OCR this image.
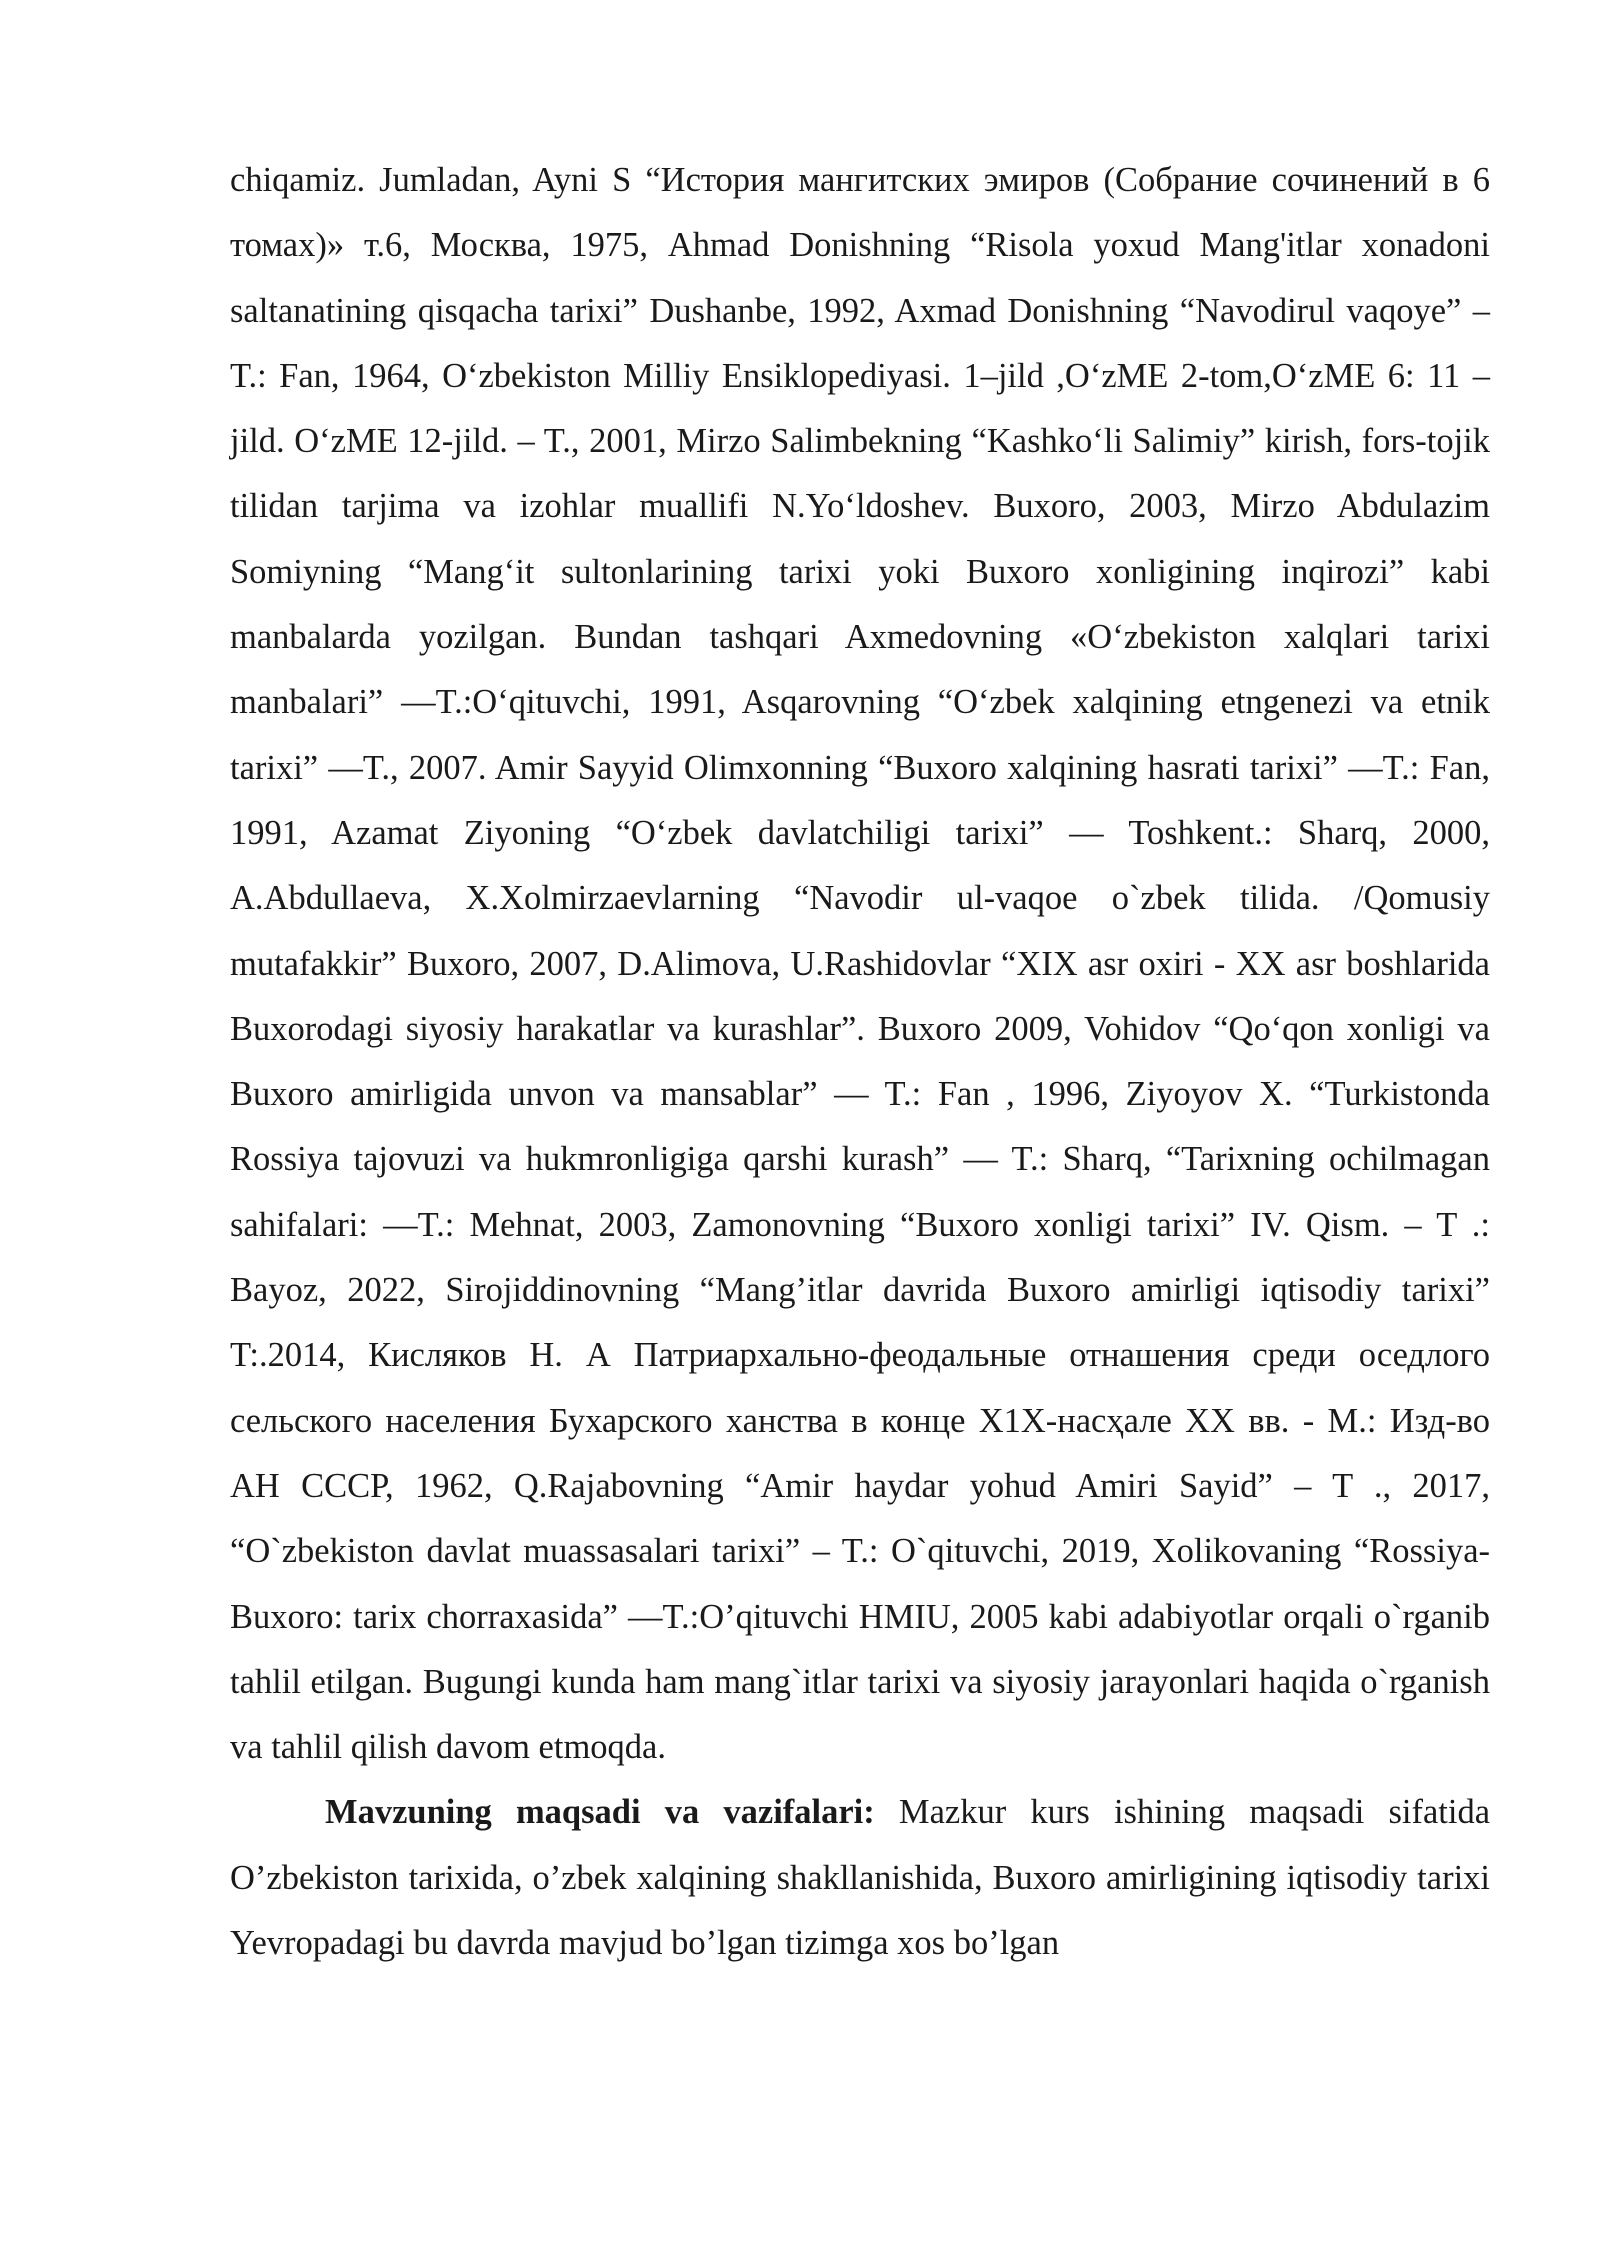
chiqamiz. Jumladan, Ayni S “История мангитских эмиров (Собрание сочинений в 6 томах)» т.6, Москва, 1975, Ahmad Donishning “Risola yoxud Mang'itlar xonadoni saltanatining qisqacha tarixi” Dushanbe, 1992, Axmad Donishning “Navodirul vaqoye” – T.: Fan, 1964, O‘zbekiston Milliy Ensiklopediyasi. 1–jild ,O‘zME 2-tom,O‘zME 6: 11 –jild. O‘zME 12-jild. – T., 2001, Mirzo Salimbekning “Kashko‘li Salimiy” kirish, fors-tojik tilidan tarjima va izohlar muallifi N.Yo‘ldoshev. Buxoro, 2003, Mirzo Abdulazim Somiyning “Mang‘it sultonlarining tarixi yoki Buxoro xonligining inqirozi” kabi manbalarda yozilgan. Bundan tashqari Axmedovning «O‘zbekiston xalqlari tarixi manbalari” —T.:O‘qituvchi, 1991, Asqarovning “O‘zbek xalqining etngenezi va etnik tarixi” —T., 2007. Amir Sayyid Olimxonning “Buxoro xalqining hasrati tarixi” —T.: Fan, 1991, Azamat Ziyoning “O‘zbek davlatchiligi tarixi” — Toshkent.: Sharq, 2000, A.Abdullaeva, X.Xolmirzaevlarning “Navodir ul-vaqoe o`zbek tilida. /Qomusiy mutafakkir” Buxoro, 2007, D.Alimova, U.Rashidovlar “XIX asr oxiri - XX asr boshlarida Buxorodagi siyosiy harakatlar va kurashlar”. Buxoro 2009, Vohidov “Qo‘qon xonligi va Buxoro amirligida unvon va mansablar” — T.: Fan , 1996, Ziyoyov X. “Turkistonda Rossiya tajovuzi va hukmronligiga qarshi kurash” — T.: Sharq, “Tarixning ochilmagan sahifalari: —T.: Mehnat, 2003, Zamonovning “Buxoro xonligi tarixi” IV. Qism. – T .: Bayoz, 2022, Sirojiddinovning “Mang’itlar davrida Buxoro amirligi iqtisodiy tarixi” T:.2014, Кисляков Н. А Патриархально-феодальные отнашения среди оседлого сельского населения Бухарского ханства в конце Х1Х-насҳале ХХ вв. - М.: Изд-во АН СССР, 1962, Q.Rajabovning “Amir haydar yohud Amiri Sayid” – T ., 2017, “O`zbekiston davlat muassasalari tarixi” – T.: O`qituvchi, 2019, Xolikovaning “Rossiya-Buxoro: tarix chorraxasida” —T.:O’qituvchi HMIU, 2005 kabi adabiyotlar orqali o`rganib tahlil etilgan. Bugungi kunda ham mang`itlar tarixi va siyosiy jarayonlari haqida o`rganish va tahlil qilish davom etmoqda.

Mavzuning maqsadi va vazifalari: Mazkur kurs ishining maqsadi sifatida O’zbekiston tarixida, o’zbek xalqining shakllanishida, Buxoro amirligining iqtisodiy tarixi Yevropadagi bu davrda mavjud bo’lgan tizimga xos bo’lgan
